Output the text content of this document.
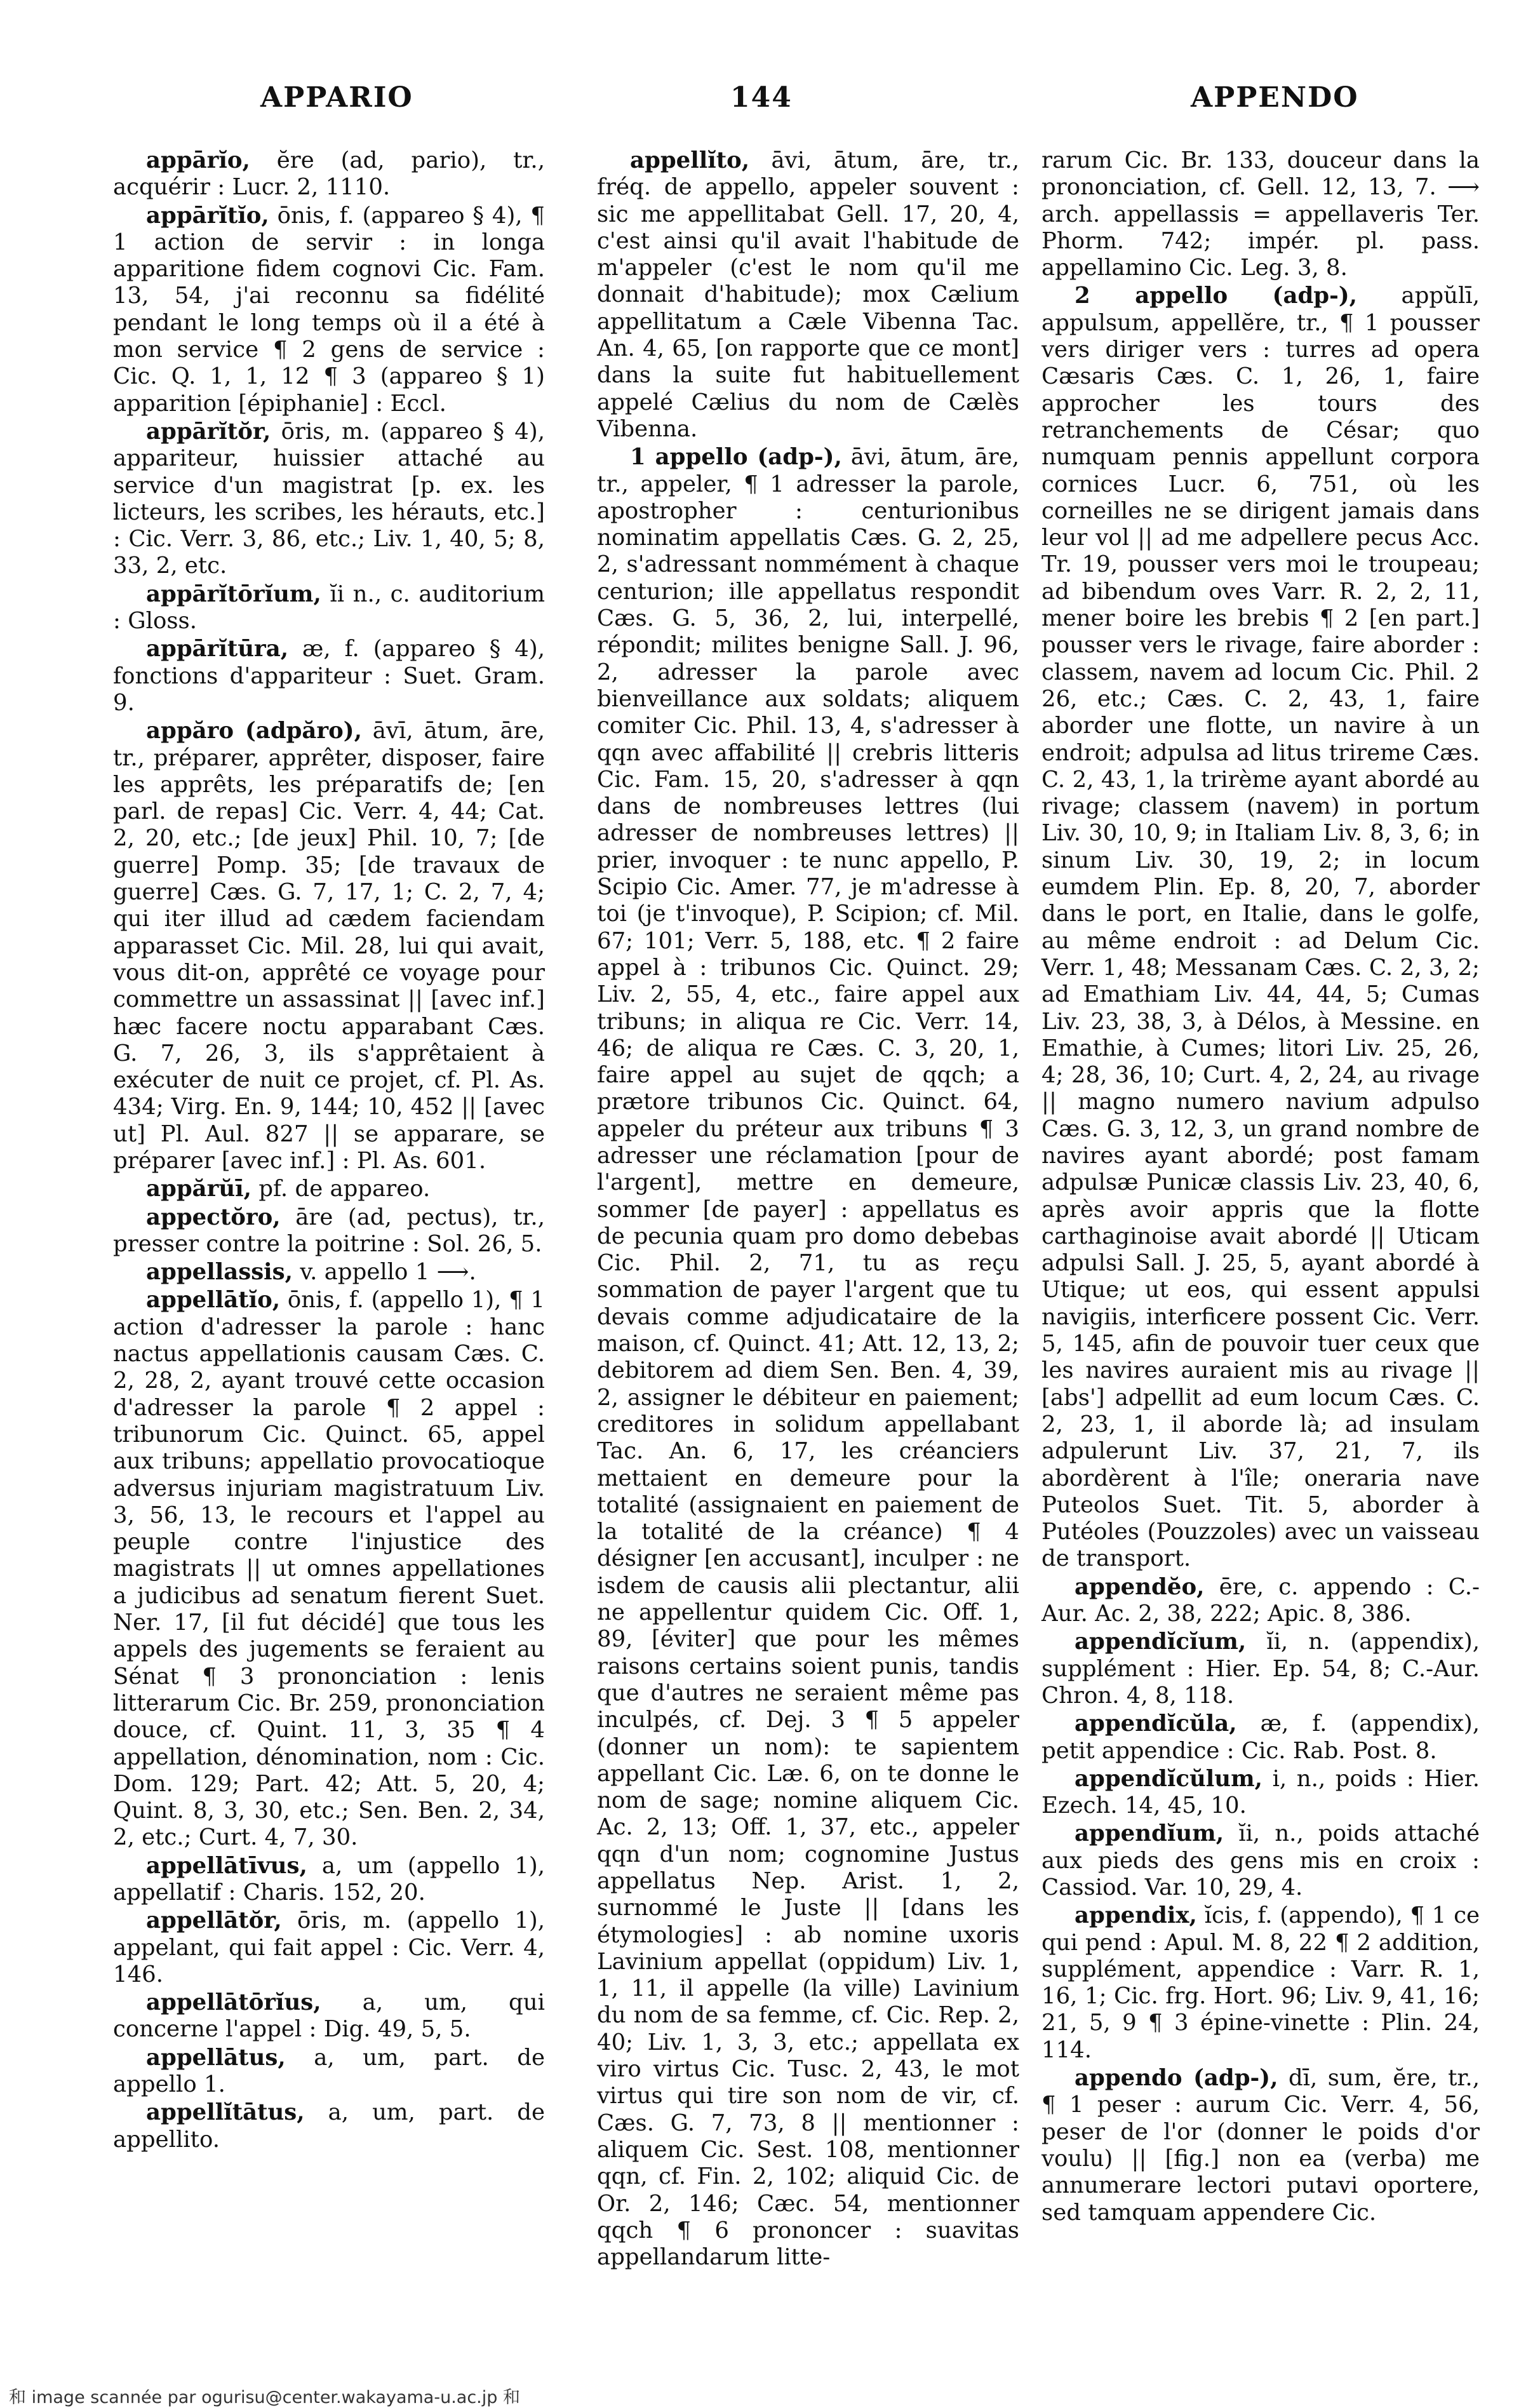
APPARIO	144	APPENDO

appārĭo, ĕre (ad, pario), tr., acquérir : Lucr. 2, 1110.

appārĭtĭo, ōnis, f. (appareo § 4), ¶ 1 action de servir : in longa apparitione fidem cognovi Cic. Fam. 13, 54, j'ai reconnu sa fidélité pendant le long temps où il a été à mon service ¶ 2 gens de service : Cic. Q. 1, 1, 12 ¶ 3 (appareo § 1) apparition [épiphanie] : Eccl.

appārĭtŏr, ōris, m. (appareo § 4), appariteur, huissier attaché au service d'un magistrat [p. ex. les licteurs, les scribes, les hérauts, etc.] : Cic. Verr. 3, 86, etc.; Liv. 1, 40, 5; 8, 33, 2, etc.

appārĭtōrĭum, ĭi n., c. auditorium : Gloss.

appārĭtūra, æ, f. (appareo § 4), fonctions d'appariteur : Suet. Gram. 9.

appăro (adpăro), āvī, ātum, āre, tr., préparer, apprêter, disposer, faire les apprêts, les préparatifs de; [en parl. de repas] Cic. Verr. 4, 44; Cat. 2, 20, etc.; [de jeux] Phil. 10, 7; [de guerre] Pomp. 35; [de travaux de guerre] Cæs. G. 7, 17, 1; C. 2, 7, 4; qui iter illud ad cædem faciendam apparasset Cic. Mil. 28, lui qui avait, vous dit-on, apprêté ce voyage pour commettre un assassinat || [avec inf.] hæc facere noctu apparabant Cæs. G. 7, 26, 3, ils s'apprêtaient à exécuter de nuit ce projet, cf. Pl. As. 434; Virg. En. 9, 144; 10, 452 || [avec ut] Pl. Aul. 827 || se apparare, se préparer [avec inf.] : Pl. As. 601.

appărŭī, pf. de appareo.

appectŏro, āre (ad, pectus), tr., presser contre la poitrine : Sol. 26, 5.

appellassis, v. appello 1 ⟶.

appellātĭo, ōnis, f. (appello 1), ¶ 1 action d'adresser la parole : hanc nactus appellationis causam Cæs. C. 2, 28, 2, ayant trouvé cette occasion d'adresser la parole ¶ 2 appel : tribunorum Cic. Quinct. 65, appel aux tribuns; appellatio provocatioque adversus injuriam magistratuum Liv. 3, 56, 13, le recours et l'appel au peuple contre l'injustice des magistrats || ut omnes appellationes a judicibus ad senatum fierent Suet. Ner. 17, [il fut décidé] que tous les appels des jugements se feraient au Sénat ¶ 3 prononciation : lenis litterarum Cic. Br. 259, prononciation douce, cf. Quint. 11, 3, 35 ¶ 4 appellation, dénomination, nom : Cic. Dom. 129; Part. 42; Att. 5, 20, 4; Quint. 8, 3, 30, etc.; Sen. Ben. 2, 34, 2, etc.; Curt. 4, 7, 30.

appellātīvus, a, um (appello 1), appellatif : Charis. 152, 20.

appellātŏr, ōris, m. (appello 1), appelant, qui fait appel : Cic. Verr. 4, 146.

appellātōrĭus, a, um, qui concerne l'appel : Dig. 49, 5, 5.

appellātus, a, um, part. de appello 1.

appellĭtātus, a, um, part. de appellito.

appellĭto, āvi, ātum, āre, tr., fréq. de appello, appeler souvent : sic me appellitabat Gell. 17, 20, 4, c'est ainsi qu'il avait l'habitude de m'appeler (c'est le nom qu'il me donnait d'habitude); mox Cælium appellitatum a Cæle Vibenna Tac. An. 4, 65, [on rapporte que ce mont] dans la suite fut habituellement appelé Cælius du nom de Cælès Vibenna.

1 appello (adp-), āvi, ātum, āre, tr., appeler, ¶ 1 adresser la parole, apostropher : centurionibus nominatim appellatis Cæs. G. 2, 25, 2, s'adressant nommément à chaque centurion; ille appellatus respondit Cæs. G. 5, 36, 2, lui, interpellé, répondit; milites benigne Sall. J. 96, 2, adresser la parole avec bienveillance aux soldats; aliquem comiter Cic. Phil. 13, 4, s'adresser à qqn avec affabilité || crebris litteris Cic. Fam. 15, 20, s'adresser à qqn dans de nombreuses lettres (lui adresser de nombreuses lettres) || prier, invoquer : te nunc appello, P. Scipio Cic. Amer. 77, je m'adresse à toi (je t'invoque), P. Scipion; cf. Mil. 67; 101; Verr. 5, 188, etc. ¶ 2 faire appel à : tribunos Cic. Quinct. 29; Liv. 2, 55, 4, etc., faire appel aux tribuns; in aliqua re Cic. Verr. 14, 46; de aliqua re Cæs. C. 3, 20, 1, faire appel au sujet de qqch; a prætore tribunos Cic. Quinct. 64, appeler du préteur aux tribuns ¶ 3 adresser une réclamation [pour de l'argent], mettre en demeure, sommer [de payer] : appellatus es de pecunia quam pro domo debebas Cic. Phil. 2, 71, tu as reçu sommation de payer l'argent que tu devais comme adjudicataire de la maison, cf. Quinct. 41; Att. 12, 13, 2; debitorem ad diem Sen. Ben. 4, 39, 2, assigner le débiteur en paiement; creditores in solidum appellabant Tac. An. 6, 17, les créanciers mettaient en demeure pour la totalité (assignaient en paiement de la totalité de la créance) ¶ 4 désigner [en accusant], inculper : ne isdem de causis alii plectantur, alii ne appellentur quidem Cic. Off. 1, 89, [éviter] que pour les mêmes raisons certains soient punis, tandis que d'autres ne seraient même pas inculpés, cf. Dej. 3 ¶ 5 appeler (donner un nom): te sapientem appellant Cic. Læ. 6, on te donne le nom de sage; nomine aliquem Cic. Ac. 2, 13; Off. 1, 37, etc., appeler qqn d'un nom; cognomine Justus appellatus Nep. Arist. 1, 2, surnommé le Juste || [dans les étymologies] : ab nomine uxoris Lavinium appellat (oppidum) Liv. 1, 1, 11, il appelle (la ville) Lavinium du nom de sa femme, cf. Cic. Rep. 2, 40; Liv. 1, 3, 3, etc.; appellata ex viro virtus Cic. Tusc. 2, 43, le mot virtus qui tire son nom de vir, cf. Cæs. G. 7, 73, 8 || mentionner : aliquem Cic. Sest. 108, mentionner qqn, cf. Fin. 2, 102; aliquid Cic. de Or. 2, 146; Cæc. 54, mentionner qqch ¶ 6 prononcer : suavitas appellandarum litte-

rarum Cic. Br. 133, douceur dans la prononciation, cf. Gell. 12, 13, 7. ⟶ arch. appellassis = appellaveris Ter. Phorm. 742; impér. pl. pass. appellamino Cic. Leg. 3, 8.

2 appello (adp-), appŭlī, appulsum, appellĕre, tr., ¶ 1 pousser vers diriger vers : turres ad opera Cæsaris Cæs. C. 1, 26, 1, faire approcher les tours des retranchements de César; quo numquam pennis appellunt corpora cornices Lucr. 6, 751, où les corneilles ne se dirigent jamais dans leur vol || ad me adpellere pecus Acc. Tr. 19, pousser vers moi le troupeau; ad bibendum oves Varr. R. 2, 2, 11, mener boire les brebis ¶ 2 [en part.] pousser vers le rivage, faire aborder : classem, navem ad locum Cic. Phil. 2 26, etc.; Cæs. C. 2, 43, 1, faire aborder une flotte, un navire à un endroit; adpulsa ad litus trireme Cæs. C. 2, 43, 1, la trirème ayant abordé au rivage; classem (navem) in portum Liv. 30, 10, 9; in Italiam Liv. 8, 3, 6; in sinum Liv. 30, 19, 2; in locum eumdem Plin. Ep. 8, 20, 7, aborder dans le port, en Italie, dans le golfe, au même endroit : ad Delum Cic. Verr. 1, 48; Messanam Cæs. C. 2, 3, 2; ad Emathiam Liv. 44, 44, 5; Cumas Liv. 23, 38, 3, à Délos, à Messine. en Emathie, à Cumes; litori Liv. 25, 26, 4; 28, 36, 10; Curt. 4, 2, 24, au rivage || magno numero navium adpulso Cæs. G. 3, 12, 3, un grand nombre de navires ayant abordé; post famam adpulsæ Punicæ classis Liv. 23, 40, 6, après avoir appris que la flotte carthaginoise avait abordé || Uticam adpulsi Sall. J. 25, 5, ayant abordé à Utique; ut eos, qui essent appulsi navigiis, interficere possent Cic. Verr. 5, 145, afin de pouvoir tuer ceux que les navires auraient mis au rivage || [abs'] adpellit ad eum locum Cæs. C. 2, 23, 1, il aborde là; ad insulam adpulerunt Liv. 37, 21, 7, ils abordèrent à l'île; oneraria nave Puteolos Suet. Tit. 5, aborder à Putéoles (Pouzzoles) avec un vaisseau de transport.

appendĕo, ēre, c. appendo : C.-Aur. Ac. 2, 38, 222; Apic. 8, 386.

appendĭcĭum, ĭi, n. (appendix), supplément : Hier. Ep. 54, 8; C.-Aur. Chron. 4, 8, 118.

appendĭcŭla, æ, f. (appendix), petit appendice : Cic. Rab. Post. 8.

appendĭcŭlum, i, n., poids : Hier. Ezech. 14, 45, 10.

appendĭum, ĭi, n., poids attaché aux pieds des gens mis en croix : Cassiod. Var. 10, 29, 4.

appendix, ĭcis, f. (appendo), ¶ 1 ce qui pend : Apul. M. 8, 22 ¶ 2 addition, supplément, appendice : Varr. R. 1, 16, 1; Cic. frg. Hort. 96; Liv. 9, 41, 16; 21, 5, 9 ¶ 3 épine-vinette : Plin. 24, 114.

appendo (adp-), dī, sum, ĕre, tr., ¶ 1 peser : aurum Cic. Verr. 4, 56, peser de l'or (donner le poids d'or voulu) || [fig.] non ea (verba) me annumerare lectori putavi oportere, sed tamquam appendere Cic.

和 image scannée par ogurisu@center.wakayama-u.ac.jp 和
